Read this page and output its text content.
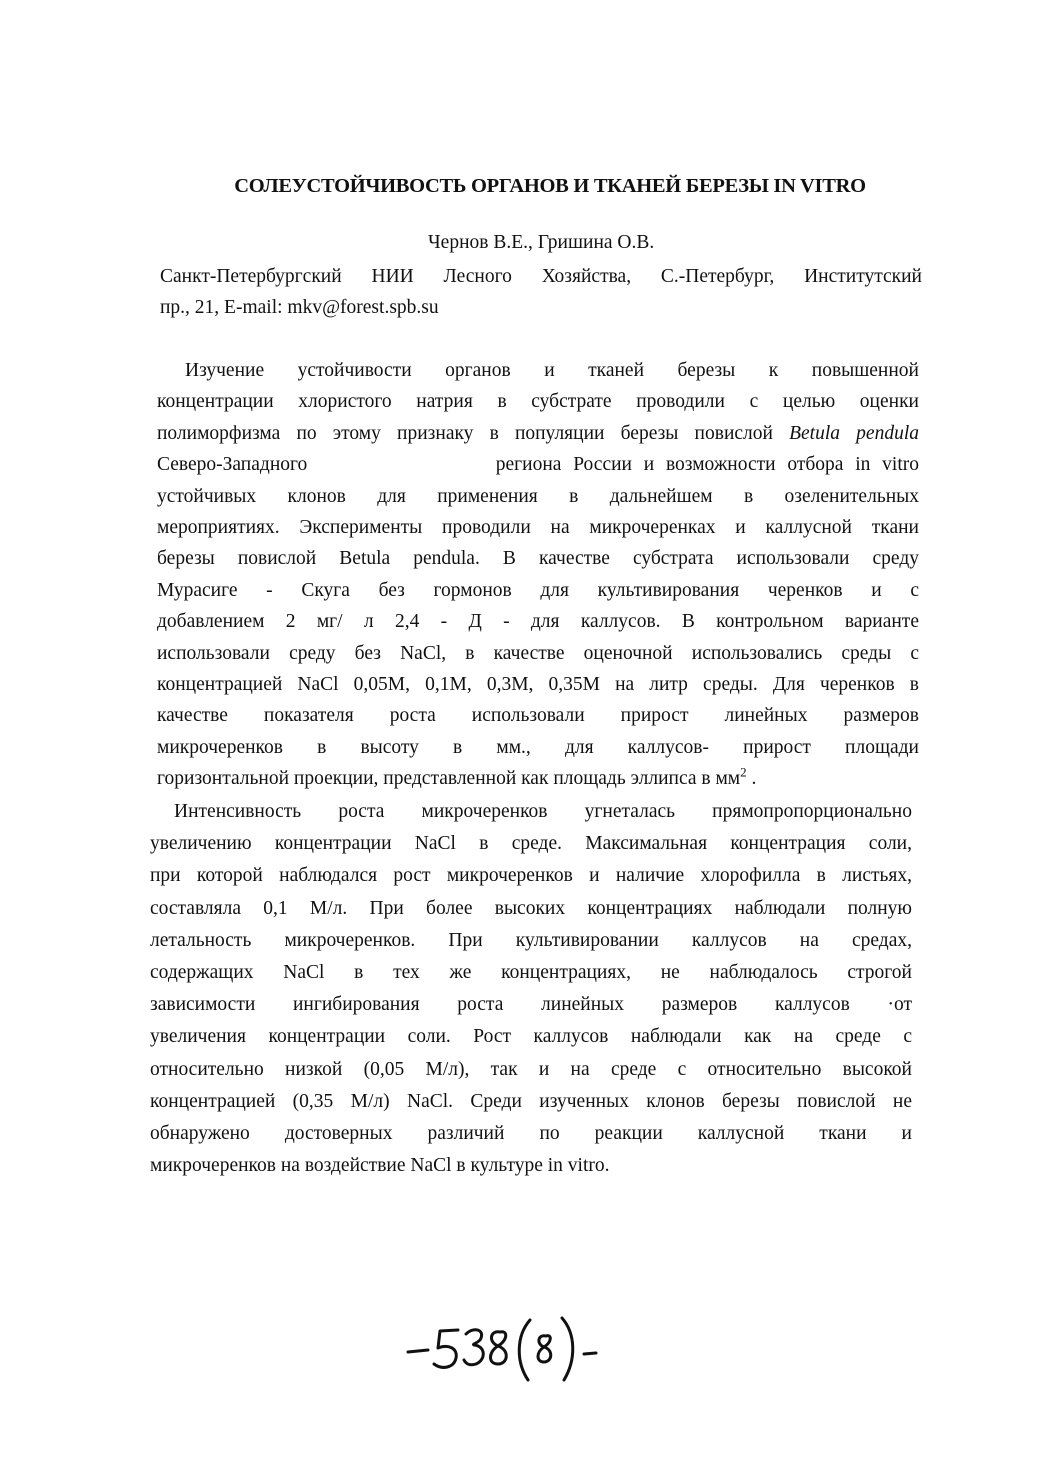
СОЛЕУСТОЙЧИВОСТЬ ОРГАНОВ И ТКАНЕЙ БЕРЕЗЫ IN VITRO
Чернов В.Е., Гришина О.В.
Санкт-Петербургский НИИ Лесного Хозяйства, С.-Петербург, Институтский
пр., 21, E-mail: mkv@forest.spb.su
Изучение устойчивости органов и тканей березы к повышенной
концентрации хлористого натрия в субстрате проводили с целью оценки
полиморфизма по этому признаку в популяции березы повислой Betula pendula
Северо-Западного                региона России и возможности отбора in vitro
устойчивых клонов для применения в дальнейшем в озеленительных
мероприятиях. Эксперименты проводили на микрочеренках и каллусной ткани
березы повислой Betula pendula. В качестве субстрата использовали среду
Мурасиге - Скуга без гормонов для культивирования черенков и с
добавлением 2 мг/ л 2,4 - Д - для каллусов. В контрольном варианте
использовали среду без NaCl, в качестве оценочной использовались среды с
концентрацией NaCl 0,05M, 0,1M, 0,3M, 0,35M на литр среды. Для черенков в
качестве показателя роста использовали прирост линейных размеров
микрочеренков в высоту в мм., для каллусов- прирост площади
горизонтальной проекции, представленной как площадь эллипса в $мм^2$ .
Интенсивность роста микрочеренков угнеталась прямопропорционально
увеличению концентрации NaCl в среде. Максимальная концентрация соли,
при которой наблюдался рост микрочеренков и наличие хлорофилла в листьях,
составляла 0,1 М/л. При более высоких концентрациях наблюдали полную
летальность микрочеренков. При культивировании каллусов на средах,
содержащих NaCl в тех же концентрациях, не наблюдалось строгой
зависимости ингибирования роста линейных размеров каллусов ·от
увеличения концентрации соли. Рост каллусов наблюдали как на среде с
относительно низкой (0,05 М/л), так и на среде с относительно высокой
концентрацией (0,35 М/л) NaCl. Среди изученных клонов березы повислой не
обнаружено достоверных различий по реакции каллусной ткани и
микрочеренков на воздействие NaCl в культуре in vitro.
